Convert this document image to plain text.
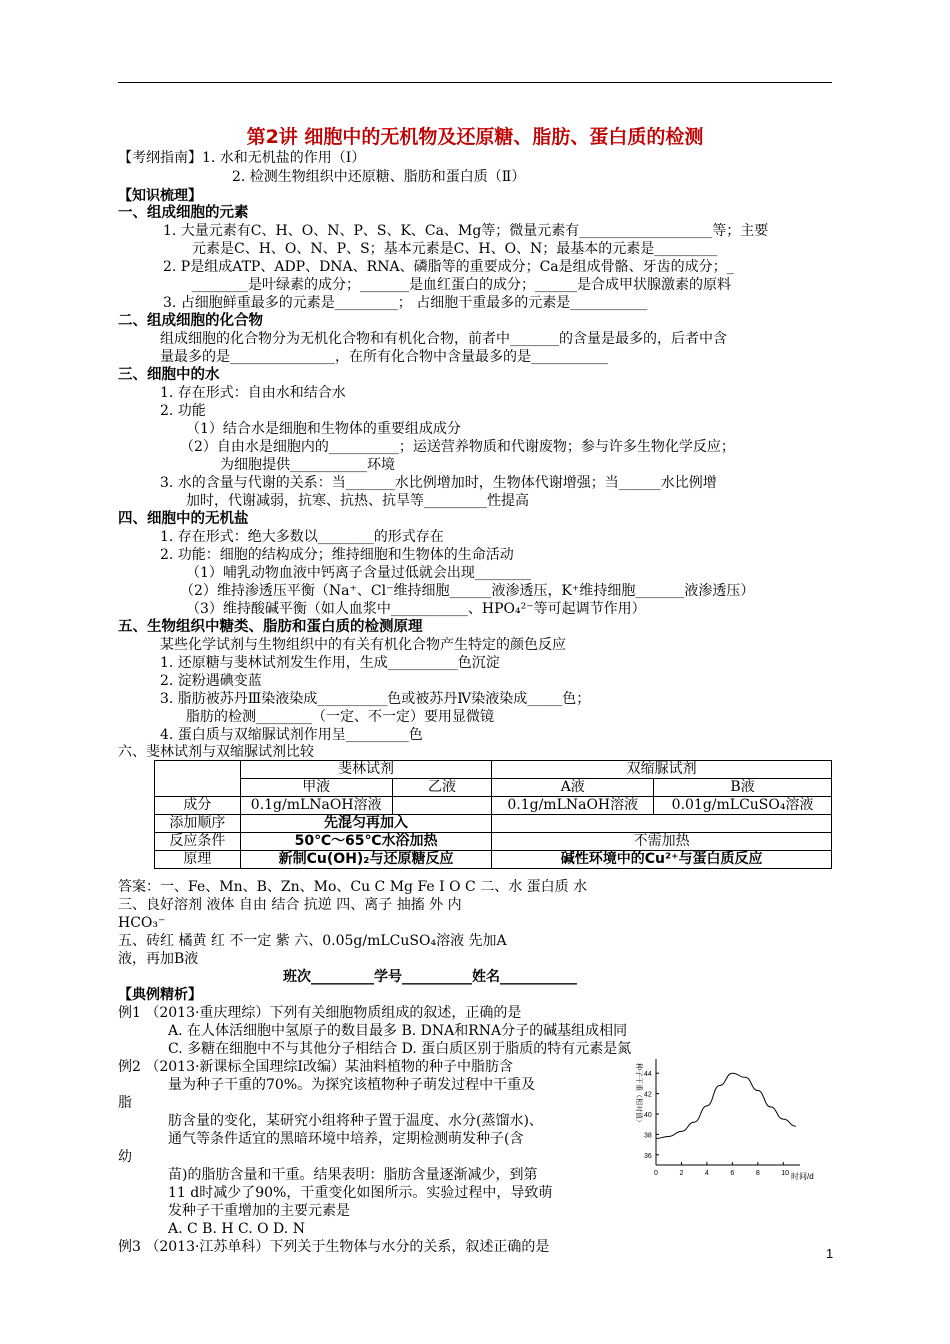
第2讲 细胞中的无机物及还原糖、脂肪、蛋白质的检测
【考纲指南】1. 水和无机盐的作用（Ⅰ）
2. 检测生物组织中还原糖、脂肪和蛋白质（Ⅱ）
【知识梳理】
一、组成细胞的元素
1. 大量元素有C、H、O、N、P、S、K、Ca、Mg等；微量元素有___________________等；主要
元素是C、H、O、N、P、S；基本元素是C、H、O、N；最基本的元素是_________
2. P是组成ATP、ADP、DNA、RNA、磷脂等的重要成分；Ca是组成骨骼、牙齿的成分；_
________是叶绿素的成分；_______是血红蛋白的成分；______是合成甲状腺激素的原料
3. 占细胞鲜重最多的元素是_________； 占细胞干重最多的元素是___________
二、组成细胞的化合物
组成细胞的化合物分为无机化合物和有机化合物，前者中_______的含量是最多的，后者中含
量最多的是_______________，在所有化合物中含量最多的是___________
三、细胞中的水
1. 存在形式：自由水和结合水
2. 功能
（1）结合水是细胞和生物体的重要组成成分
（2）自由水是细胞内的__________；运送营养物质和代谢废物；参与许多生物化学反应；
为细胞提供___________环境
3. 水的含量与代谢的关系：当_______水比例增加时，生物体代谢增强；当______水比例增
加时，代谢减弱，抗寒、抗热、抗旱等_________性提高
四、细胞中的无机盐
1. 存在形式：绝大多数以________的形式存在
2. 功能：细胞的结构成分；维持细胞和生物体的生命活动
（1）哺乳动物血液中钙离子含量过低就会出现________
（2）维持渗透压平衡（Na⁺、Cl⁻维持细胞______液渗透压，K⁺维持细胞_______液渗透压）
（3）维持酸碱平衡（如人血浆中___________、HPO₄²⁻等可起调节作用）
五、生物组织中糖类、脂肪和蛋白质的检测原理
某些化学试剂与生物组织中的有关有机化合物产生特定的颜色反应
1. 还原糖与斐林试剂发生作用，生成__________色沉淀
2. 淀粉遇碘变蓝
3. 脂肪被苏丹Ⅲ染液染成__________色或被苏丹Ⅳ染液染成_____色；
脂肪的检测________（一定、不一定）要用显微镜
4. 蛋白质与双缩脲试剂作用呈_________色
六、斐林试剂与双缩脲试剂比较
答案：一、Fe、Mn、B、Zn、Mo、Cu C Mg Fe I O C 二、水 蛋白质 水
三、良好溶剂 液体 自由 结合 抗逆 四、离子 抽搐 外 内
HCO₃⁻
五、砖红 橘黄 红 不一定 紫 六、0.05g/mLCuSO₄溶液 先加A
液，再加B液
班次_________学号__________姓名___________
【典例精析】
例1 （2013·重庆理综）下列有关细胞物质组成的叙述，正确的是
A. 在人体活细胞中氢原子的数目最多 B. DNA和RNA分子的碱基组成相同
C. 多糖在细胞中不与其他分子相结合 D. 蛋白质区别于脂质的特有元素是氮
例2 （2013·新课标全国理综Ⅰ改编）某油料植物的种子中脂肪含
量为种子干重的70%。为探究该植物种子萌发过程中干重及
脂
肪含量的变化，某研究小组将种子置于温度、水分(蒸馏水)、
通气等条件适宜的黑暗环境中培养，定期检测萌发种子(含
幼
苗)的脂肪含量和干重。结果表明：脂肪含量逐渐减少，到第
11 d时减少了90%，干重变化如图所示。实验过程中，导致萌
发种子干重增加的主要元素是
A. C B. H C. O D. N
例3 （2013·江苏单科）下列关于生物体与水分的关系，叙述正确的是
	斐林试剂		双缩脲试剂	
	甲液	乙液	A液	B液
成分	0.1g/mLNaOH溶液		0.1g/mLNaOH溶液	0.01g/mLCuSO₄溶液
添加顺序	先混匀再加入			
反应条件	50℃～65℃水浴加热		不需加热	
原理	新制Cu(OH)₂与还原糖反应		碱性环境中的Cu²⁺与蛋白质反应	
36
38
40
42
44
0	2	4	6	8	10
种子干重（相对值）
时间/d
1
